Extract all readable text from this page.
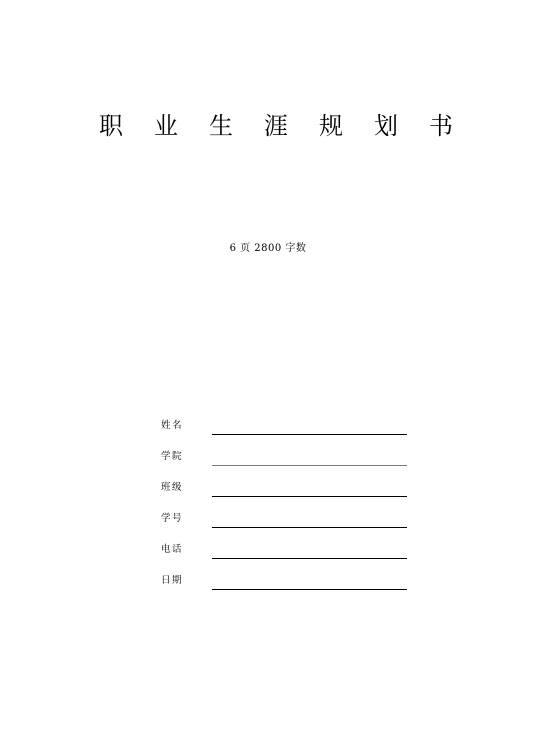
职 业 生 涯 规 划 书
6 页 2800 字数
姓名
学院
班级
学号
电话
日期
